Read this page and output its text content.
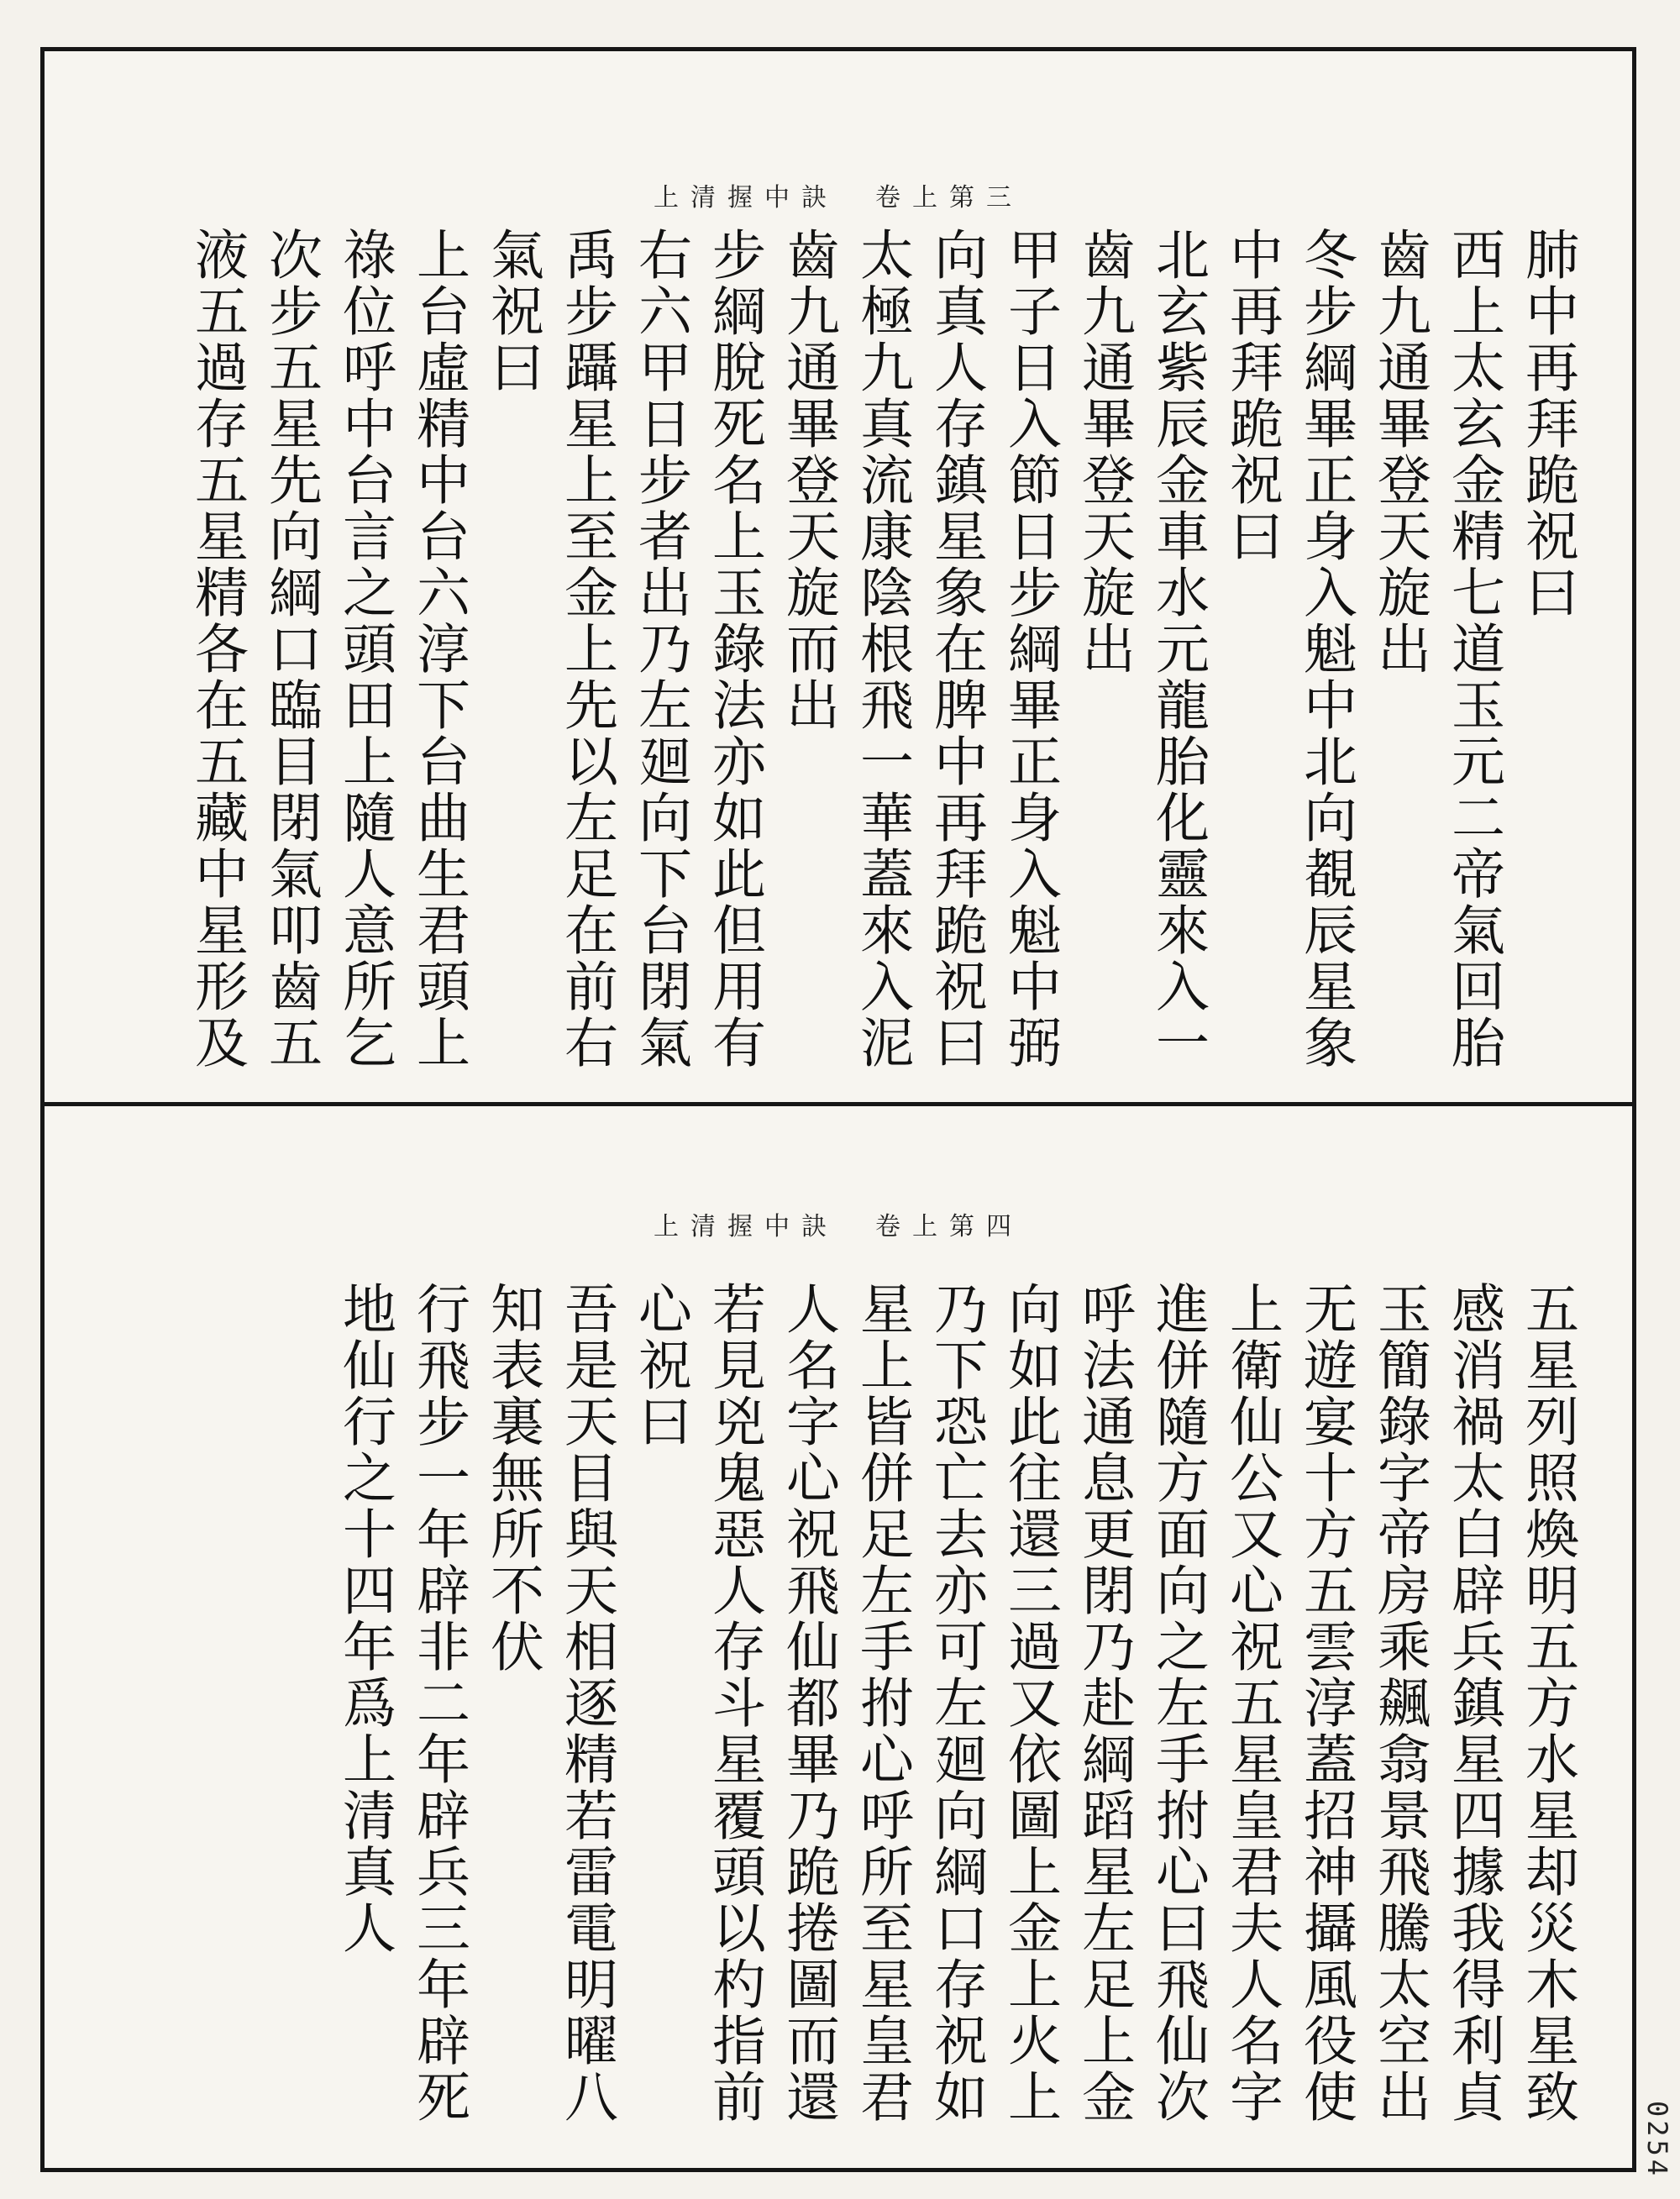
上清握中訣　卷上第三
肺中再拜跪祝曰
西上太玄金精七道玉元二帝氣回胎
齒九通畢登天旋出
冬步綱畢正身入魁中北向覩辰星象
中再拜跪祝曰
北玄紫辰金車水元龍胎化靈來入一
齒九通畢登天旋出
甲子日入節日步綱畢正身入魁中弼
向真人存鎮星象在脾中再拜跪祝曰
太極九真流康陰根飛一華蓋來入泥
齒九通畢登天旋而出
步綱脫死名上玉錄法亦如此但用有
右六甲日步者出乃左廻向下台閉氣
禹步躡星上至金上先以左足在前右
氣祝曰
上台虛精中台六淳下台曲生君頭上
祿位呼中台言之頭田上隨人意所乞
次步五星先向綱口臨目閉氣叩齒五
液五過存五星精各在五藏中星形及
上清握中訣　卷上第四
五星列照煥明五方水星却災木星致
感消禍太白辟兵鎮星四據我得利貞
玉簡錄字帝房乘飆翕景飛騰太空出
无遊宴十方五雲淳蓋招神攝風役使
上衛仙公又心祝五星皇君夫人名字
進併隨方面向之左手拊心曰飛仙次
呼法通息更閉乃赴綱蹈星左足上金
向如此往還三過又依圖上金上火上
乃下恐亡去亦可左廻向綱口存祝如
星上皆併足左手拊心呼所至星皇君
人名字心祝飛仙都畢乃跪捲圖而還
若見兇鬼惡人存斗星覆頭以杓指前
心祝曰
吾是天目與天相逐精若雷電明曜八
知表裏無所不伏
行飛步一年辟非二年辟兵三年辟死
地仙行之十四年爲上清真人
0254
